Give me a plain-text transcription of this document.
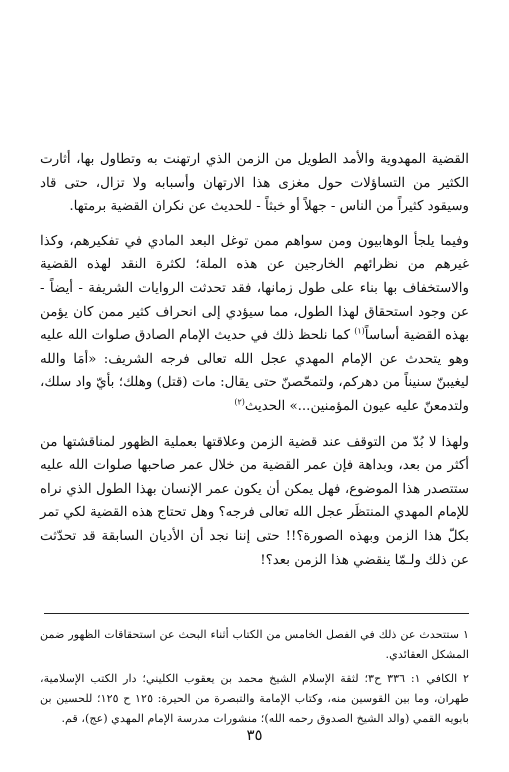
القضية المهدوية والأمد الطويل من الزمن الذي ارتهنت به وتطاول بها، أثارت الكثير من التساؤلات حول مغزى هذا الارتهان وأسبابه ولا تزال، حتى قاد وسيقود كثيراً من الناس - جهلاً أو خبثاً - للحديث عن نكران القضية برمتها.

وفيما يلجأ الوهابيون ومن سواهم ممن توغل البعد المادي في تفكيرهم، وكذا غيرهم من نظرائهم الخارجين عن هذه الملة؛ لكثرة النقد لهذه القضية والاستخفاف بها بناء على طول زمانها، فقد تحدثت الروايات الشريفة - أيضاً - عن وجود استحقاق لهذا الطول، مما سيؤدي إلى انحراف كثير ممن كان يؤمن بهذه القضية أساساً$^{(١)}$ كما نلحظ ذلك في حديث الإمام الصادق صلوات الله عليه وهو يتحدث عن الإمام المهدي عجل الله تعالى فرجه الشريف: «أمَا والله ليغيبنّ سنيناً من دهركم، ولتمحّصنّ حتى يقال: مات (قتل) وهلك؛ بأيّ واد سلك، ولتدمعنّ عليه عيون المؤمنين...» الحديث$^{(٢)}$

ولهذا لا بُدّ من التوقف عند قضية الزمن وعلاقتها بعملية الظهور لمناقشتها من أكثر من بعد، وبداهة فإن عمر القضية من خلال عمر صاحبها صلوات الله عليه ستتصدر هذا الموضوع، فهل يمكن أن يكون عمر الإنسان بهذا الطول الذي نراه للإمام المهدي المنتظَر عجل الله تعالى فرجه؟ وهل تحتاج هذه القضية لكي تمر بكلّ هذا الزمن وبهذه الصورة؟!! حتى إننا نجد أن الأديان السابقة قد تحدّثت عن ذلك ولـمّا ينقضي هذا الزمن بعد؟!

١ ستتحدث عن ذلك في الفصل الخامس من الكتاب أثناء البحث عن استحقاقات الظهور ضمن المشكل العقائدي.

٢ الكافي ١: ٣٣٦ ح٣؛ لثقة الإسلام الشيخ محمد بن يعقوب الكليني؛ دار الكتب الإسلامية، طهران، وما بين القوسين منه، وكتاب الإمامة والتبصرة من الحيرة: ١٢٥ ح ١٢٥؛ للحسين بن بابويه القمي (والد الشيخ الصدوق رحمه الله)؛ منشورات مدرسة الإمام المهدي (عج)، قم.

٣٥
